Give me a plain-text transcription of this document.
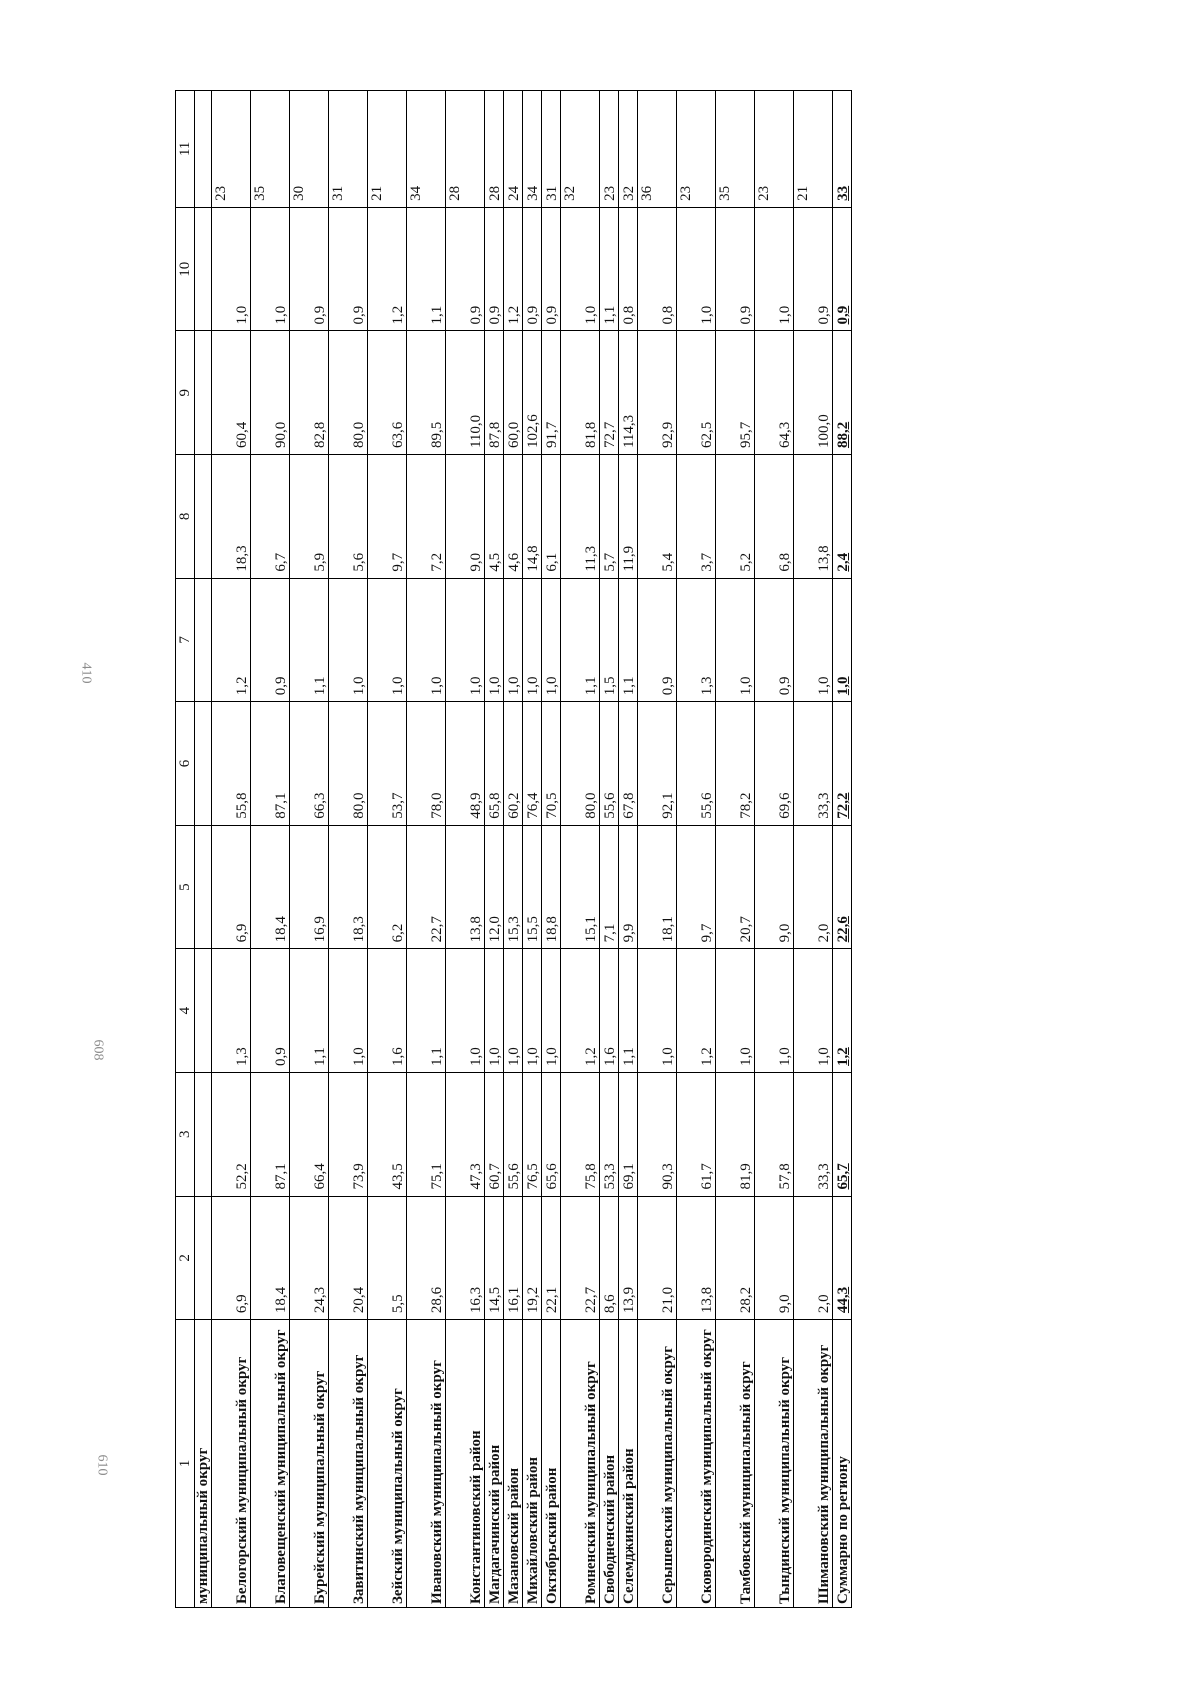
410
608
610	1	2	3	4	5	6	7	8	9	10	11
муниципальный округ										
Белогорский муниципальный округ	6,9	52,2	1,3	6,9	55,8	1,2	18,3	60,4	1,0	23
Благовещенский муниципальный округ	18,4	87,1	0,9	18,4	87,1	0,9	6,7	90,0	1,0	35
Бурейский муниципальный округ	24,3	66,4	1,1	16,9	66,3	1,1	5,9	82,8	0,9	30
Завитинский муниципальный округ	20,4	73,9	1,0	18,3	80,0	1,0	5,6	80,0	0,9	31
Зейский муниципальный округ	5,5	43,5	1,6	6,2	53,7	1,0	9,7	63,6	1,2	21
Ивановский муниципальный округ	28,6	75,1	1,1	22,7	78,0	1,0	7,2	89,5	1,1	34
Константиновский район	16,3	47,3	1,0	13,8	48,9	1,0	9,0	110,0	0,9	28
Магдагачинский район	14,5	60,7	1,0	12,0	65,8	1,0	4,5	87,8	0,9	28
Мазановский район	16,1	55,6	1,0	15,3	60,2	1,0	4,6	60,0	1,2	24
Михайловский район	19,2	76,5	1,0	15,5	76,4	1,0	14,8	102,6	0,9	34
Октябрьский район	22,1	65,6	1,0	18,8	70,5	1,0	6,1	91,7	0,9	31
Ромненский муниципальный округ	22,7	75,8	1,2	15,1	80,0	1,1	11,3	81,8	1,0	32
Свободненский район	8,6	53,3	1,6	7,1	55,6	1,5	5,7	72,7	1,1	23
Селемджинский район	13,9	69,1	1,1	9,9	67,8	1,1	11,9	114,3	0,8	32
Серышевский муниципальный округ	21,0	90,3	1,0	18,1	92,1	0,9	5,4	92,9	0,8	36
Сковородинский муниципальный округ	13,8	61,7	1,2	9,7	55,6	1,3	3,7	62,5	1,0	23
Тамбовский муниципальный округ	28,2	81,9	1,0	20,7	78,2	1,0	5,2	95,7	0,9	35
Тындинский муниципальный округ	9,0	57,8	1,0	9,0	69,6	0,9	6,8	64,3	1,0	23
Шимановский муниципальный округ	2,0	33,3	1,0	2,0	33,3	1,0	13,8	100,0	0,9	21
Суммарно по региону	44,3	65,7	1,2	22,6	72,2	1,0	2,4	88,2	0,9	33
